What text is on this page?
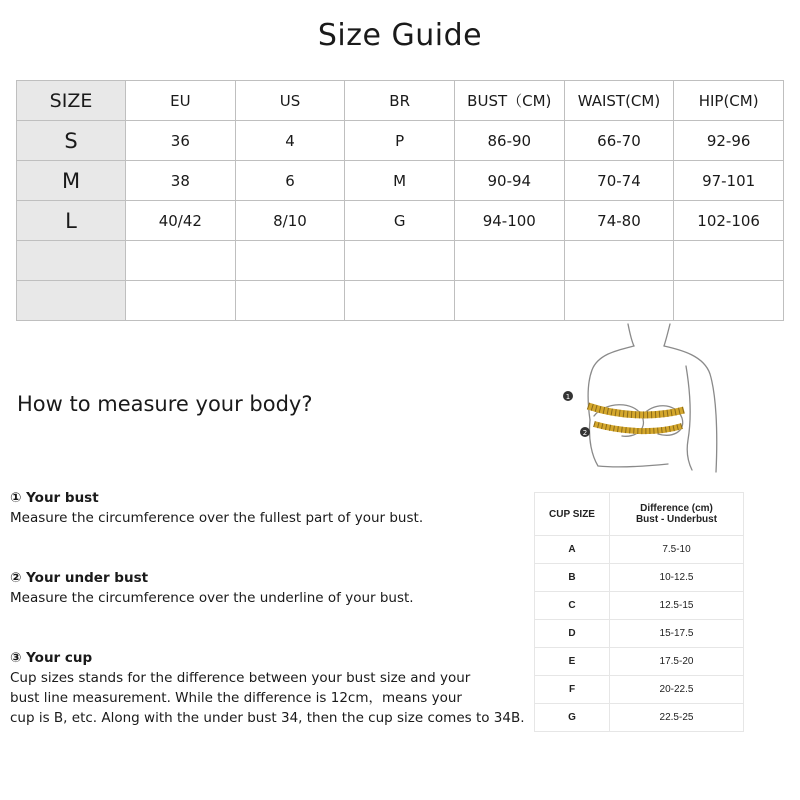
Size Guide
SIZE	EU	US	BR	BUST（CM)	WAIST(CM)	HIP(CM)
S	36	4	P	86-90	66-70	92-96
M	38	6	M	90-94	70-74	97-101
L	40/42	8/10	G	94-100	74-80	102-106

How to measure your body?
① Your bust
Measure the circumference over the fullest part of your bust.
② Your under bust
Measure the circumference over the underline of your bust.
③ Your cup
Cup sizes stands for the difference between your bust size and your
bust line measurement. While the difference is 12cm，means your
cup is B, etc. Along with the under bust 34, then the cup size comes to 34B.
1
2
CUP SIZE	Difference (cm)
Bust - Underbust

A	7.5-10
B	10-12.5
C	12.5-15
D	15-17.5
E	17.5-20
F	20-22.5
G	22.5-25
